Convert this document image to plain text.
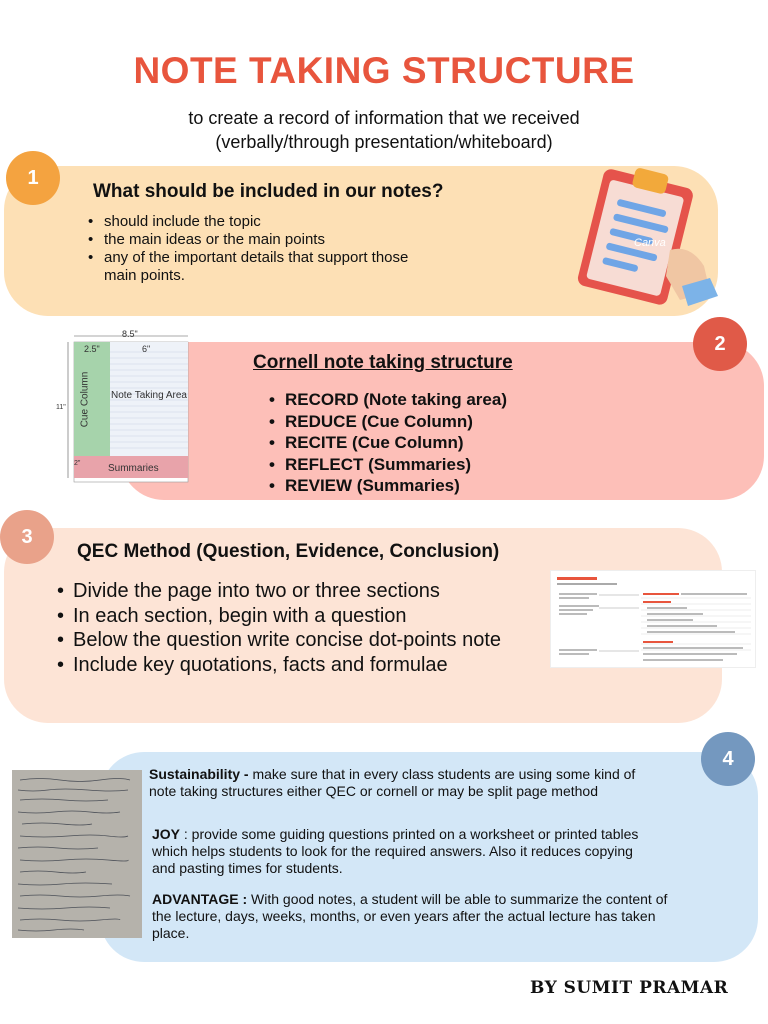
NOTE TAKING STRUCTURE
to create a record of information that we received
(verbally/through presentation/whiteboard)
1
What should be included in our notes?
• should include the topic
• the main ideas or the main points
• any of the important details that support those main points.
Canva
2
Cornell note taking structure
• RECORD (Note taking area)
• REDUCE (Cue Column)
• RECITE (Cue Column)
• REFLECT (Summaries)
• REVIEW (Summaries)
8.5"
2.5"	6"
11"
2"
Cue Column Note Taking Area
Summaries
3
QEC Method (Question, Evidence, Conclusion)
• Divide the page into two or three sections
• In each section, begin with a question
• Below the question write concise dot-points note
• Include key quotations, facts and formulae
4
Sustainability - make sure that in every class students are using some kind of note taking structures either QEC or cornell or may be split page method
JOY : provide some guiding questions printed on a worksheet or printed tables which helps students to look for the required answers. Also it reduces copying and pasting times for students.
ADVANTAGE : With good notes, a student will be able to summarize the content of the lecture, days, weeks, months, or even years after the actual lecture has taken place.
BY SUMIT PRAMAR
